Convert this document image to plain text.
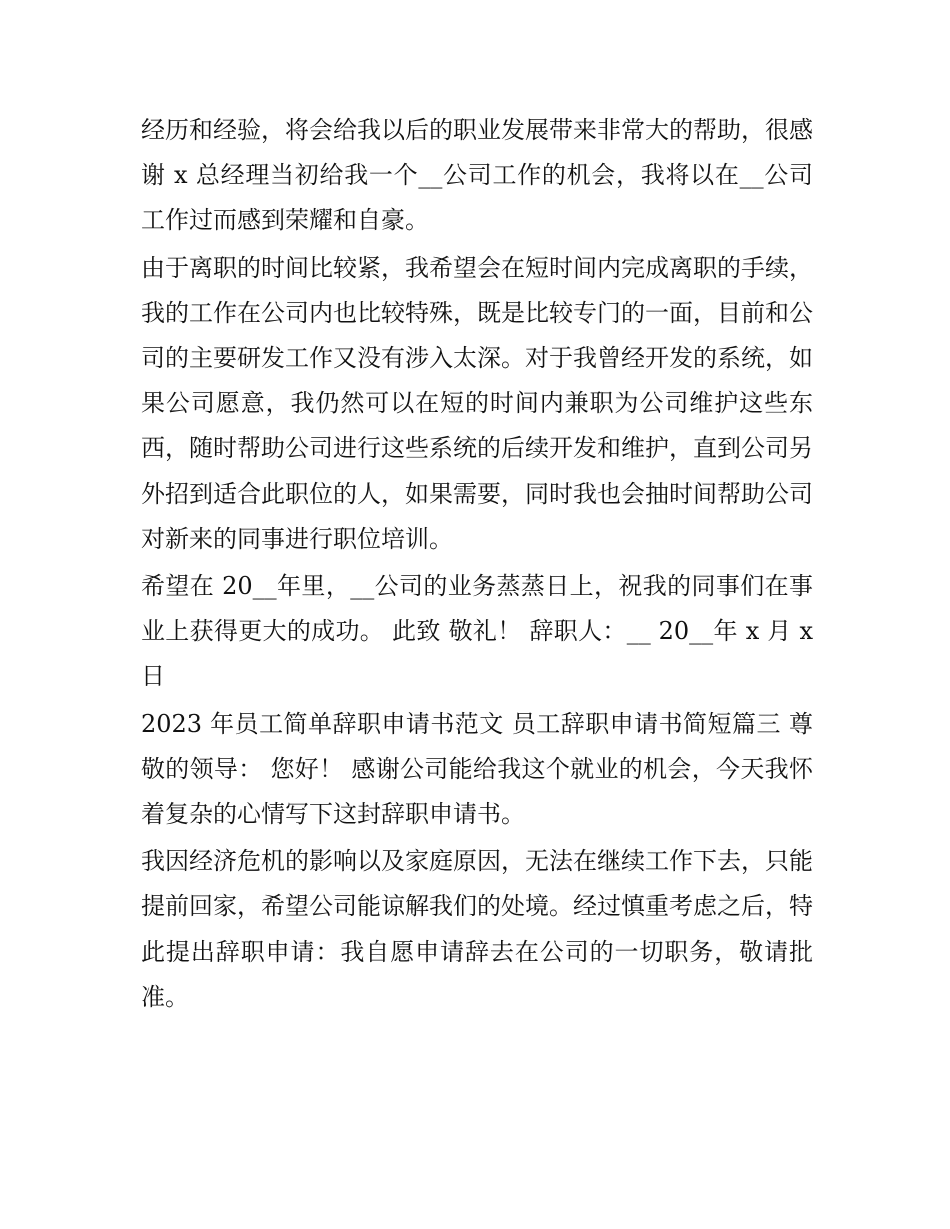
经历和经验，将会给我以后的职业发展带来非常大的帮助，很感谢 x 总经理当初给我一个__公司工作的机会，我将以在__公司工作过而感到荣耀和自豪。

由于离职的时间比较紧，我希望会在短时间内完成离职的手续，我的工作在公司内也比较特殊，既是比较专门的一面，目前和公司的主要研发工作又没有涉入太深。对于我曾经开发的系统，如果公司愿意，我仍然可以在短的时间内兼职为公司维护这些东西，随时帮助公司进行这些系统的后续开发和维护，直到公司另外招到适合此职位的人，如果需要，同时我也会抽时间帮助公司对新来的同事进行职位培训。

希望在 20__年里，__公司的业务蒸蒸日上，祝我的同事们在事业上获得更大的成功。 此致 敬礼！ 辞职人：__ 20__年 x 月 x 日

2023 年员工简单辞职申请书范文 员工辞职申请书简短篇三 尊敬的领导： 您好！ 感谢公司能给我这个就业的机会，今天我怀着复杂的心情写下这封辞职申请书。

我因经济危机的影响以及家庭原因，无法在继续工作下去，只能提前回家，希望公司能谅解我们的处境。经过慎重考虑之后，特此提出辞职申请：我自愿申请辞去在公司的一切职务，敬请批准。
